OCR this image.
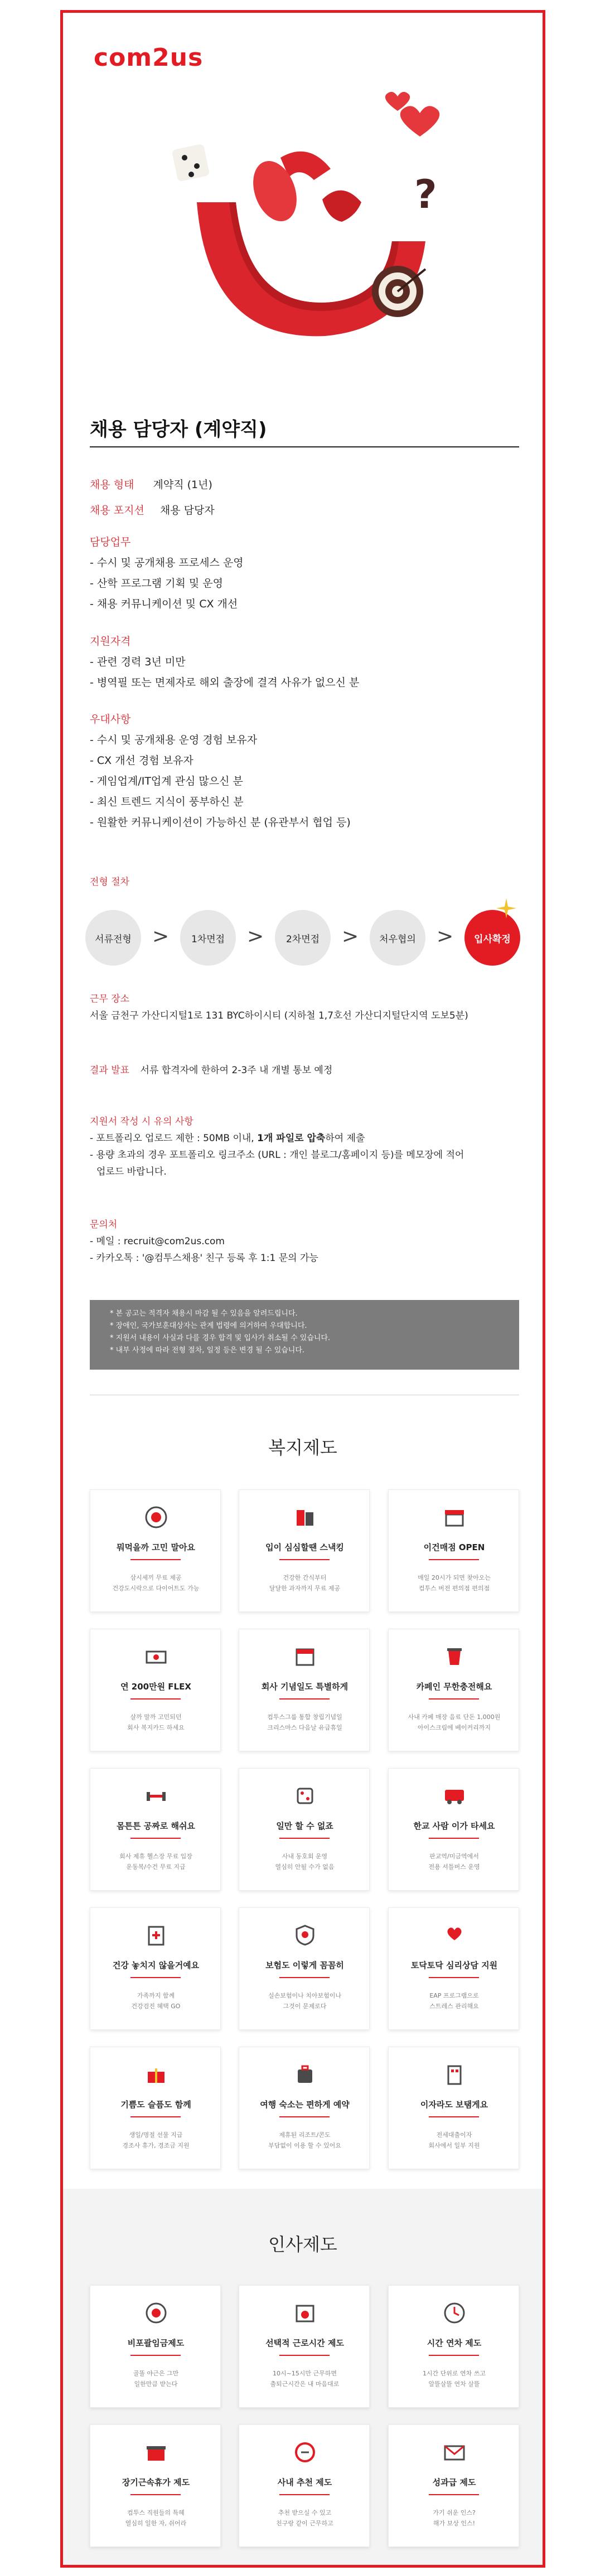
com2us
?
채용 담당자 (계약직)
채용 형태 계약직 (1년)
채용 포지션 채용 담당자
담당업무
- 수시 및 공개채용 프로세스 운영
- 산학 프로그램 기획 및 운영
- 채용 커뮤니케이션 및 CX 개선
지원자격
- 관련 경력 3년 미만
- 병역필 또는 면제자로 해외 출장에 결격 사유가 없으신 분
우대사항
- 수시 및 공개채용 운영 경험 보유자
- CX 개선 경험 보유자
- 게임업계/IT업계 관심 많으신 분
- 최신 트렌드 지식이 풍부하신 분
- 원활한 커뮤니케이션이 가능하신 분 (유관부서 협업 등)
전형 절차
서류전형	>	1차면접	>	2차면접	>	처우협의	>	입사확정
근무 장소
서울 금천구 가산디지털1로 131 BYC하이시티 (지하철 1,7호선 가산디지털단지역 도보5분)
결과 발표 서류 합격자에 한하여 2-3주 내 개별 통보 예정
지원서 작성 시 유의 사항
- 포트폴리오 업로드 제한 : 50MB 이내, 1개 파일로 압축하여 제출
- 용량 초과의 경우 포트폴리오 링크주소 (URL : 개인 블로그/홈페이지 등)를 메모장에 적어
업로드 바랍니다.
문의처
- 메일 : recruit@com2us.com
- 카카오톡 : '@컴투스채용' 친구 등록 후 1:1 문의 가능
* 본 공고는 적격자 채용시 마감 될 수 있음을 알려드립니다.
* 장애인, 국가보훈대상자는 관계 법령에 의거하여 우대합니다.
* 지원서 내용이 사실과 다를 경우 합격 및 입사가 취소될 수 있습니다.
* 내부 사정에 따라 전형 절차, 일정 등은 변경 될 수 있습니다.
복지제도
뭐먹을까 고민 말아요
삼시세끼 무료 제공
건강도시락으로 다이어트도 가능
입이 심심할땐 스낵킹
건강한 간식부터
달달한 과자까지 무료 제공
이건매점 OPEN
매일 20시가 되면 찾아오는
컴투스 버전 편의점 편의점
연 200만원 FLEX
살까 말까 고민되던
회사 복지카드 하세요
회사 기념일도 특별하게
컴투스그룹 통합 창립기념일
크리스마스 다음날 유급휴일
카페인 무한충전해요
사내 카페 매장 음료 단돈 1,000원
아이스크림에 베이커리까지
몸튼튼 공짜로 해쉬요
회사 제휴 헬스장 무료 입장
운동복/수건 무료 지급
일만 할 수 없죠
사내 동호회 운영
열심히 안될 수가 없음
한교 사람 이가 타세요
판교역/미금역에서
전용 셔틀버스 운영
건강 놓치지 않을거예요
가족까지 함께
건강검진 혜택 GO
보험도 이렇게 꼼꼼히
실손보험이나 치아보험이나
그것이 문제로다
토닥토닥 심리상담 지원
EAP 프로그램으로
스트레스 관리해요
기쁨도 슬픔도 함께
생일/명절 선물 지급
경조사 휴가, 경조금 지원
여행 숙소는 편하게 예약
제휴된 리조트/콘도
부담없이 이용 할 수 있어요
이자라도 보탬게요
전세대출이자
회사에서 일부 지원
인사제도
비포괄임금제도
골똘 야근은 그만
일한만큼 받는다
선택적 근로시간 제도
10시~15시만 근무하면
출퇴근시간은 내 마음대로
시간 연차 제도
1시간 단위로 연차 쓰고
알뜰살뜰 연차 살뜰
장기근속휴가 제도
컴투스 직원들의 특혜
열심히 일한 자, 쉬어라
사내 추천 제도
추천 받으실 수 있고
친구랑 같이 근무하고
성과급 제도
가기 쉬운 인스?
해가 보상 인스!
